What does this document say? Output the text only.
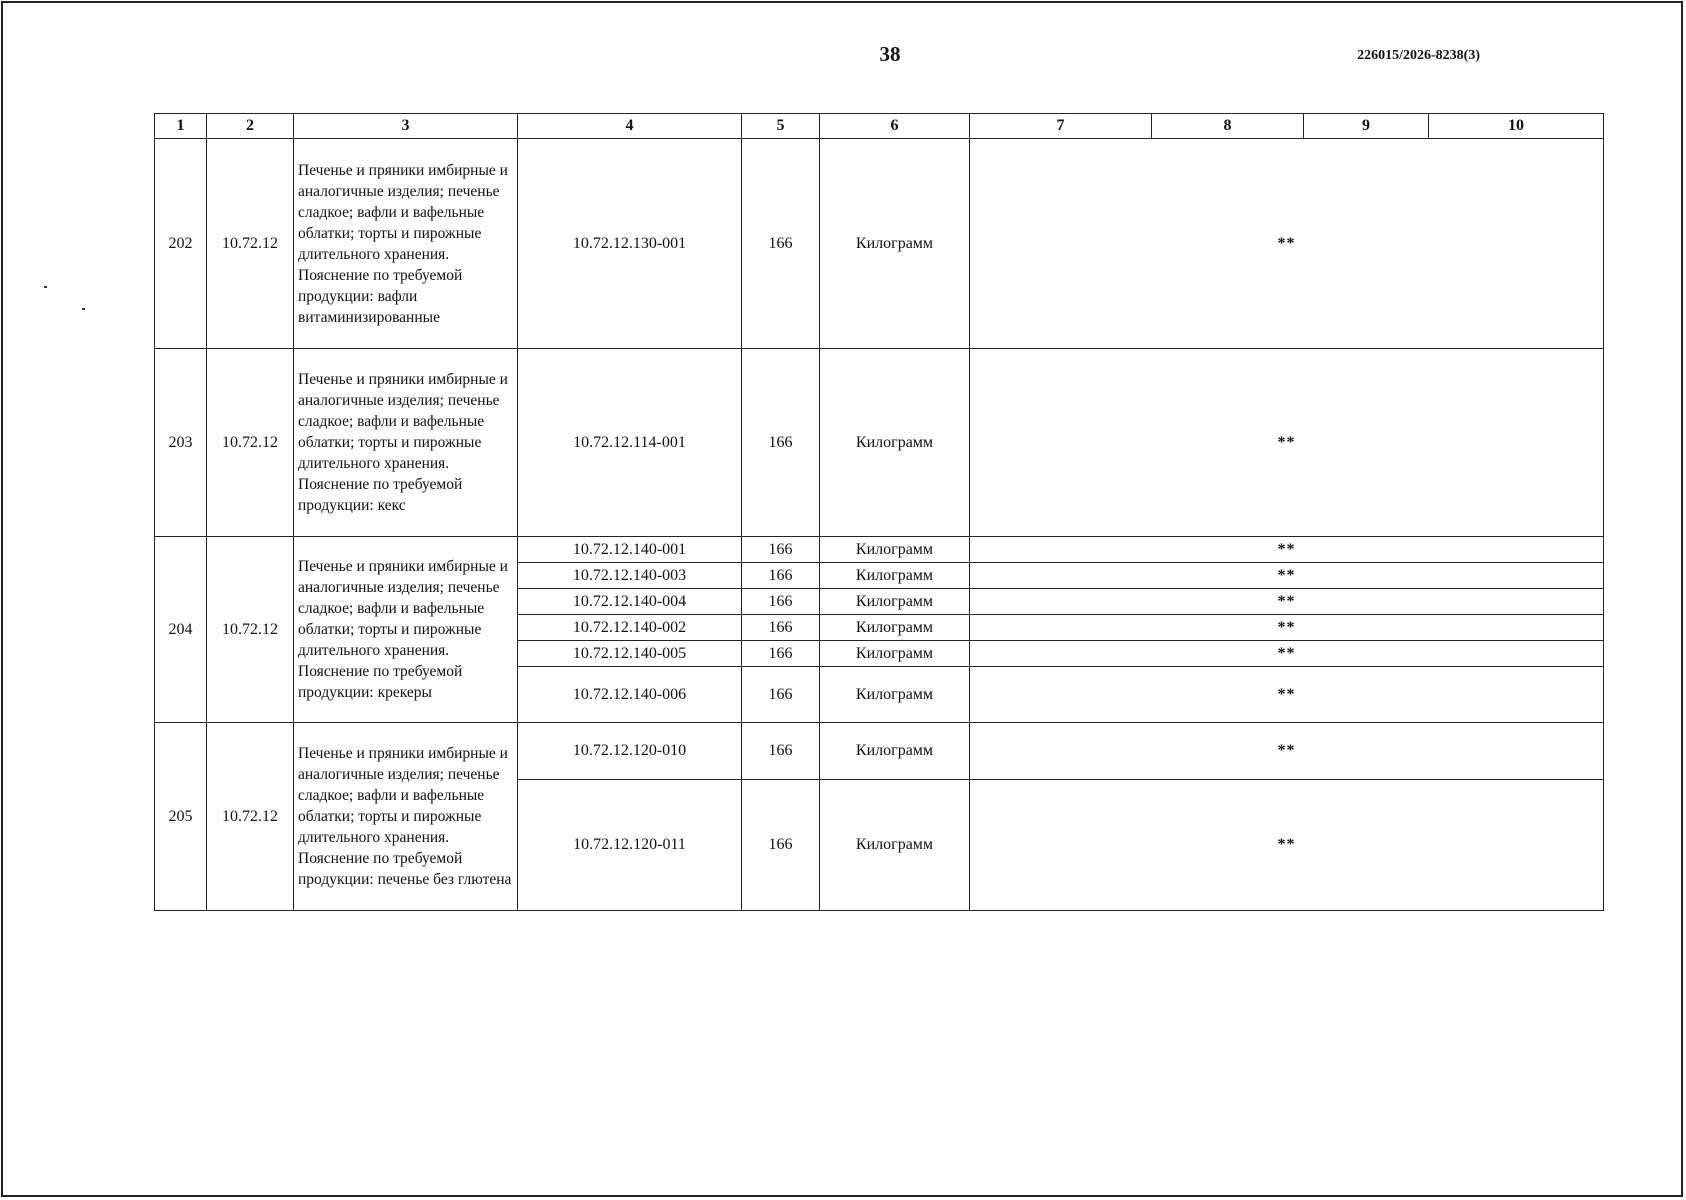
38	226015/2026-8238(3)
1	2	3	4	5	6	7	8	9	10
202	10.72.12	Печенье и пряники имбирные и аналогичные изделия; печенье сладкое; вафли и вафельные облатки; торты и пирожные длительного хранения. Пояснение по требуемой продукции: вафли витаминизированные	10.72.12.130-001	166	Килограмм	**			
203	10.72.12	Печенье и пряники имбирные и аналогичные изделия; печенье сладкое; вафли и вафельные облатки; торты и пирожные длительного хранения. Пояснение по требуемой продукции: кекс	10.72.12.114-001	166	Килограмм	**			
204	10.72.12	Печенье и пряники имбирные и аналогичные изделия; печенье сладкое; вафли и вафельные облатки; торты и пирожные длительного хранения. Пояснение по требуемой продукции: крекеры	10.72.12.140-001	166	Килограмм	**			
			10.72.12.140-003	166	Килограмм	**			
			10.72.12.140-004	166	Килограмм	**			
			10.72.12.140-002	166	Килограмм	**			
			10.72.12.140-005	166	Килограмм	**			
			10.72.12.140-006	166	Килограмм	**			
205	10.72.12	Печенье и пряники имбирные и аналогичные изделия; печенье сладкое; вафли и вафельные облатки; торты и пирожные длительного хранения. Пояснение по требуемой продукции: печенье без глютена	10.72.12.120-010	166	Килограмм	**			
			10.72.12.120-011	166	Килограмм	**			
